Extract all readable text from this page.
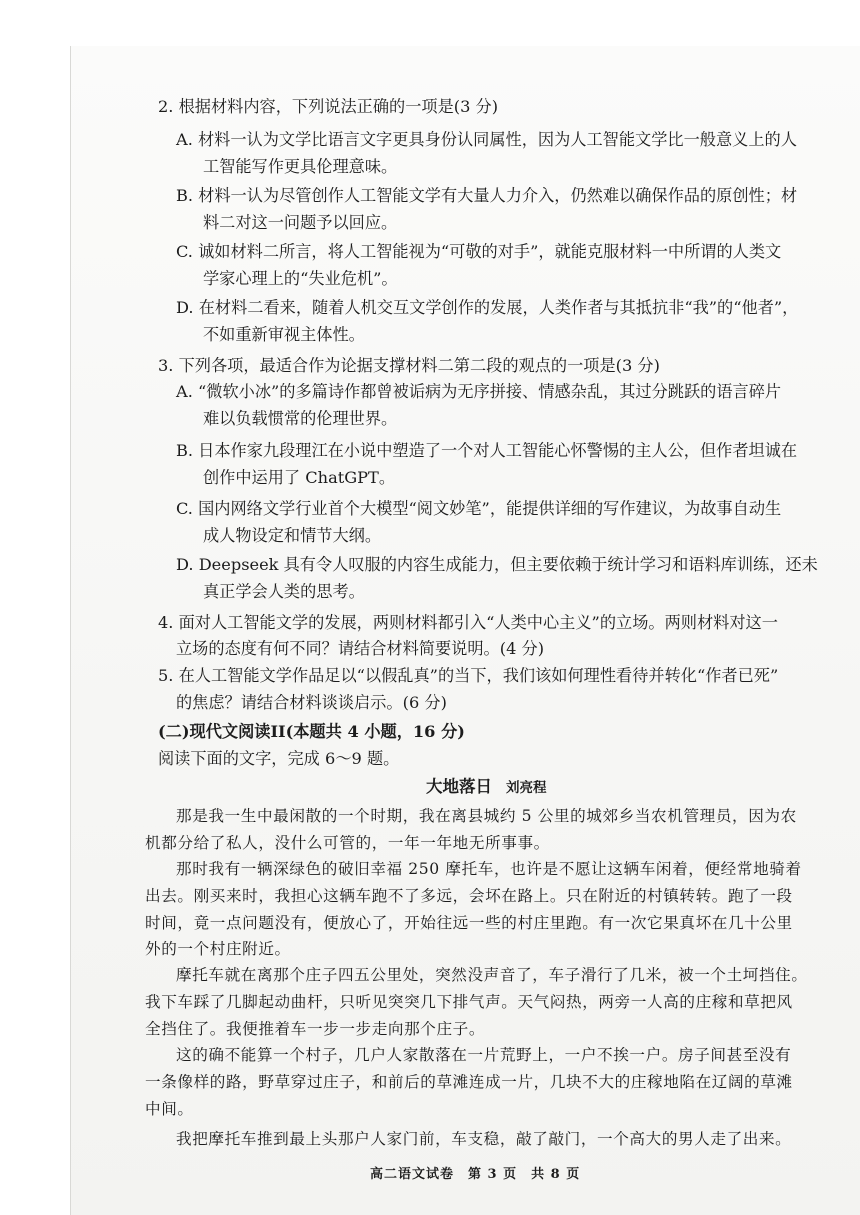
2. 根据材料内容，下列说法正确的一项是(3 分)
A. 材料一认为文学比语言文字更具身份认同属性，因为人工智能文学比一般意义上的人
工智能写作更具伦理意味。
B. 材料一认为尽管创作人工智能文学有大量人力介入，仍然难以确保作品的原创性；材
料二对这一问题予以回应。
C. 诚如材料二所言，将人工智能视为“可敬的对手”，就能克服材料一中所谓的人类文
学家心理上的“失业危机”。
D. 在材料二看来，随着人机交互文学创作的发展，人类作者与其抵抗非“我”的“他者”，
不如重新审视主体性。
3. 下列各项，最适合作为论据支撑材料二第二段的观点的一项是(3 分)
A. “微软小冰”的多篇诗作都曾被诟病为无序拼接、情感杂乱，其过分跳跃的语言碎片
难以负载惯常的伦理世界。
B. 日本作家九段理江在小说中塑造了一个对人工智能心怀警惕的主人公，但作者坦诚在
创作中运用了 ChatGPT。
C. 国内网络文学行业首个大模型“阅文妙笔”，能提供详细的写作建议，为故事自动生
成人物设定和情节大纲。
D. Deepseek 具有令人叹服的内容生成能力，但主要依赖于统计学习和语料库训练，还未
真正学会人类的思考。
4. 面对人工智能文学的发展，两则材料都引入“人类中心主义”的立场。两则材料对这一
立场的态度有何不同？请结合材料简要说明。(4 分)
5. 在人工智能文学作品足以“以假乱真”的当下，我们该如何理性看待并转化“作者已死”
的焦虑？请结合材料谈谈启示。(6 分)
(二)现代文阅读II(本题共 4 小题，16 分)
阅读下面的文字，完成 6～9 题。
大地落日 刘亮程
那是我一生中最闲散的一个时期，我在离县城约 5 公里的城郊乡当农机管理员，因为农
机都分给了私人，没什么可管的，一年一年地无所事事。
那时我有一辆深绿色的破旧幸福 250 摩托车，也许是不愿让这辆车闲着，便经常地骑着
出去。刚买来时，我担心这辆车跑不了多远，会坏在路上。只在附近的村镇转转。跑了一段
时间，竟一点问题没有，便放心了，开始往远一些的村庄里跑。有一次它果真坏在几十公里
外的一个村庄附近。
摩托车就在离那个庄子四五公里处，突然没声音了，车子滑行了几米，被一个土坷挡住。
我下车踩了几脚起动曲杆，只听见突突几下排气声。天气闷热，两旁一人高的庄稼和草把风
全挡住了。我便推着车一步一步走向那个庄子。
这的确不能算一个村子，几户人家散落在一片荒野上，一户不挨一户。房子间甚至没有
一条像样的路，野草穿过庄子，和前后的草滩连成一片，几块不大的庄稼地陷在辽阔的草滩
中间。
我把摩托车推到最上头那户人家门前，车支稳，敲了敲门，一个高大的男人走了出来。
高二语文试卷　第 3 页　共 8 页
